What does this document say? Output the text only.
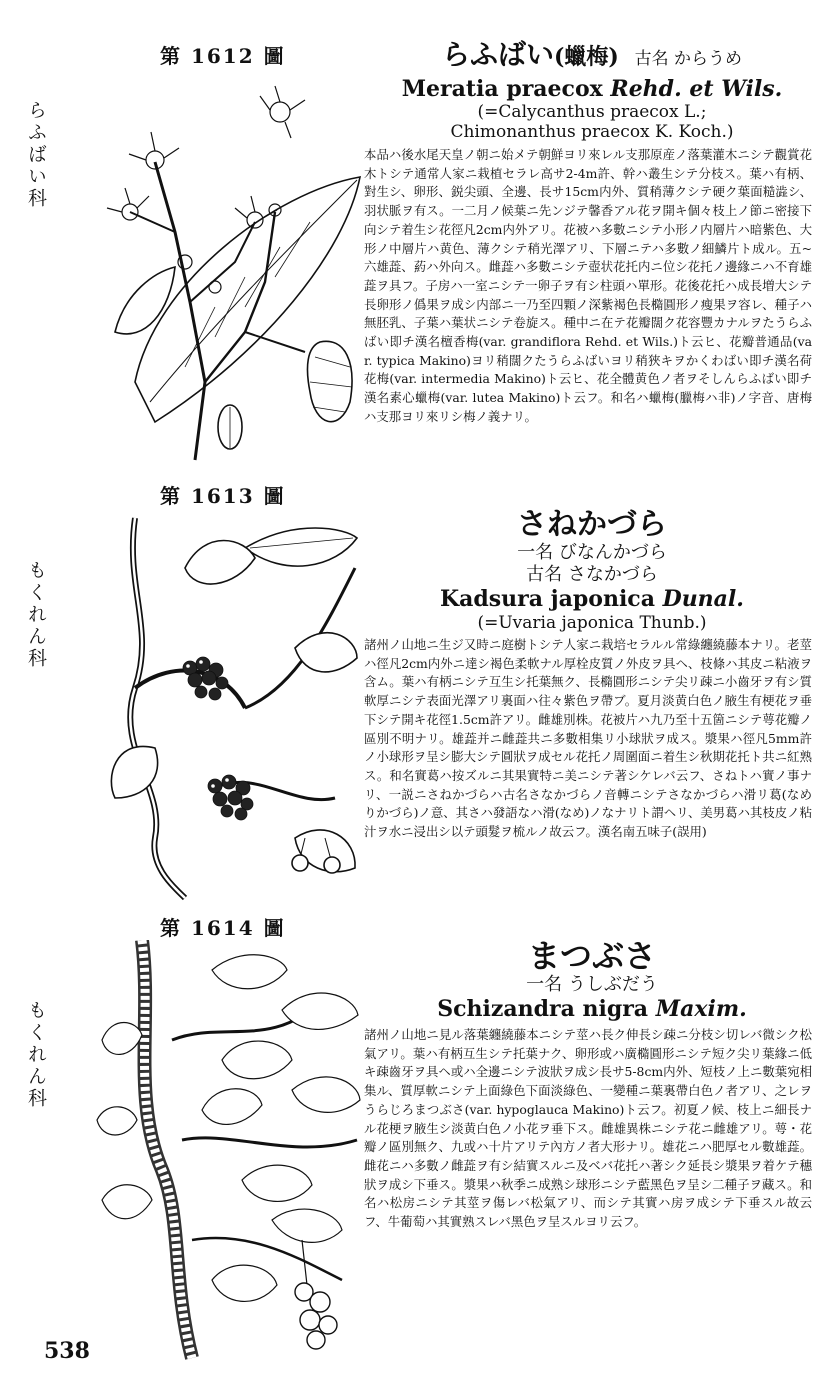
第 1612 圖
らふばい科
らふばい(蠟梅) 古名 からうめ
Meratia praecox Rehd. et Wils.
(=Calycanthus praecox L.;
Chimonanthus praecox K. Koch.)
本品ハ後水尾天皇ノ朝ニ始メテ朝鮮ヨリ來レル支那原産ノ落葉灌木ニシテ觀賞花木トシテ通常人家ニ栽植セラレ高サ2-4m許、幹ハ叢生シテ分枝ス。葉ハ有柄、對生シ、卵形、鋭尖頭、全邊、長サ15cm内外、質稍薄クシテ硬ク葉面糙澁シ、羽状脈ヲ有ス。一二月ノ候葉ニ先ンジテ馨香アル花ヲ開キ個々枝上ノ節ニ密接下向シテ着生シ花徑凡2cm内外アリ。花被ハ多數ニシテ小形ノ内層片ハ暗紫色、大形ノ中層片ハ黄色、薄クシテ稍光澤アリ、下層ニテハ多數ノ細鱗片ト成ル。五~六雄蕋、葯ハ外向ス。雌蕋ハ多數ニシテ壺状花托内ニ位シ花托ノ邊緣ニハ不育雄蕋ヲ具フ。子房ハ一室ニシテ一卵子ヲ有シ柱頭ハ單形。花後花托ハ成長増大シテ長卵形ノ僞果ヲ成シ内部ニ一乃至四顆ノ深紫褐色長橢圓形ノ瘦果ヲ容レ、種子ハ無胚乳、子葉ハ葉状ニシテ卷旋ス。種中ニ在テ花瓣闊ク花容豐カナルヲたうらふばい即チ漢名檀香梅(var. grandiflora Rehd. et Wils.)ト云ヒ、花瓣普通品(var. typica Makino)ヨリ稍闊クたうらふばいヨリ稍狹キヲかくわばい即チ漢名荷花梅(var. intermedia Makino)ト云ヒ、花全體黄色ノ者ヲそしんらふばい即チ漢名素心蠟梅(var. lutea Makino)ト云フ。和名ハ蠟梅(臘梅ハ非)ノ字音、唐梅ハ支那ヨリ來リシ梅ノ義ナリ。
第 1613 圖
もくれん科
さねかづら
一名 びなんかづら
古名 さなかづら
Kadsura japonica Dunal.
(=Uvaria japonica Thunb.)
諸州ノ山地ニ生ジ又時ニ庭樹トシテ人家ニ栽培セラルル常綠纏繞藤本ナリ。老莖ハ徑凡2cm内外ニ達シ褐色柔軟ナル厚栓皮質ノ外皮ヲ具ヘ、枝條ハ其皮ニ粘液ヲ含ム。葉ハ有柄ニシテ互生シ托葉無ク、長橢圓形ニシテ尖リ疎ニ小齒牙ヲ有シ質軟厚ニシテ表面光澤アリ裏面ハ往々紫色ヲ帶ブ。夏月淡黄白色ノ腋生有梗花ヲ垂下シテ開キ花徑1.5cm許アリ。雌雄別株。花被片ハ九乃至十五箇ニシテ萼花瓣ノ區別不明ナリ。雄蕋并ニ雌蕋共ニ多數相集リ小球狀ヲ成ス。漿果ハ徑凡5mm許ノ小球形ヲ呈シ膨大シテ圓狀ヲ成セル花托ノ周圍面ニ着生シ秋期花托ト共ニ紅熟ス。和名實葛ハ按ズルニ其果實特ニ美ニシテ著シケレバ云フ、さねトハ實ノ事ナリ、一説ニさねかづらハ古名さなかづらノ音轉ニシテさなかづらハ滑リ葛(なめりかづら)ノ意、其さハ發語なハ滑(なめ)ノなナリト謂ヘリ、美男葛ハ其枝皮ノ粘汁ヲ水ニ浸出シ以テ頭髮ヲ梳ルノ故云フ。漢名南五味子(誤用)
第 1614 圖
もくれん科
まつぶさ
一名 うしぶだう
Schizandra nigra Maxim.
諸州ノ山地ニ見ル落葉纏繞藤本ニシテ莖ハ長ク伸長シ疎ニ分枝シ切レバ微シク松氣アリ。葉ハ有柄互生シテ托葉ナク、卵形或ハ廣橢圓形ニシテ短ク尖リ葉緣ニ低キ疎齒牙ヲ具ヘ或ハ全邊ニシテ波狀ヲ成シ長サ5-8cm内外、短枝ノ上ニ數葉宛相集ル、質厚軟ニシテ上面綠色下面淡綠色、一變種ニ葉裏帶白色ノ者アリ、之レヲうらじろまつぶさ(var. hypoglauca Makino)ト云フ。初夏ノ候、枝上ニ細長ナル花梗ヲ腋生シ淡黄白色ノ小花ヲ垂下ス。雌雄異株ニシテ花ニ雌雄アリ。萼・花瓣ノ區別無ク、九或ハ十片アリテ內方ノ者大形ナリ。雄花ニハ肥厚セル數雄蕋。雌花ニハ多數ノ雌蕋ヲ有シ結實スルニ及ベバ花托ハ著シク延長シ漿果ヲ着ケテ穗狀ヲ成シ下垂ス。漿果ハ秋季ニ成熟シ球形ニシテ藍黑色ヲ呈シ二種子ヲ藏ス。和名ハ松房ニシテ其莖ヲ傷レバ松氣アリ、而シテ其實ハ房ヲ成シテ下垂スル故云フ、牛葡萄ハ其實熟スレバ黑色ヲ呈スルヨリ云フ。
538
